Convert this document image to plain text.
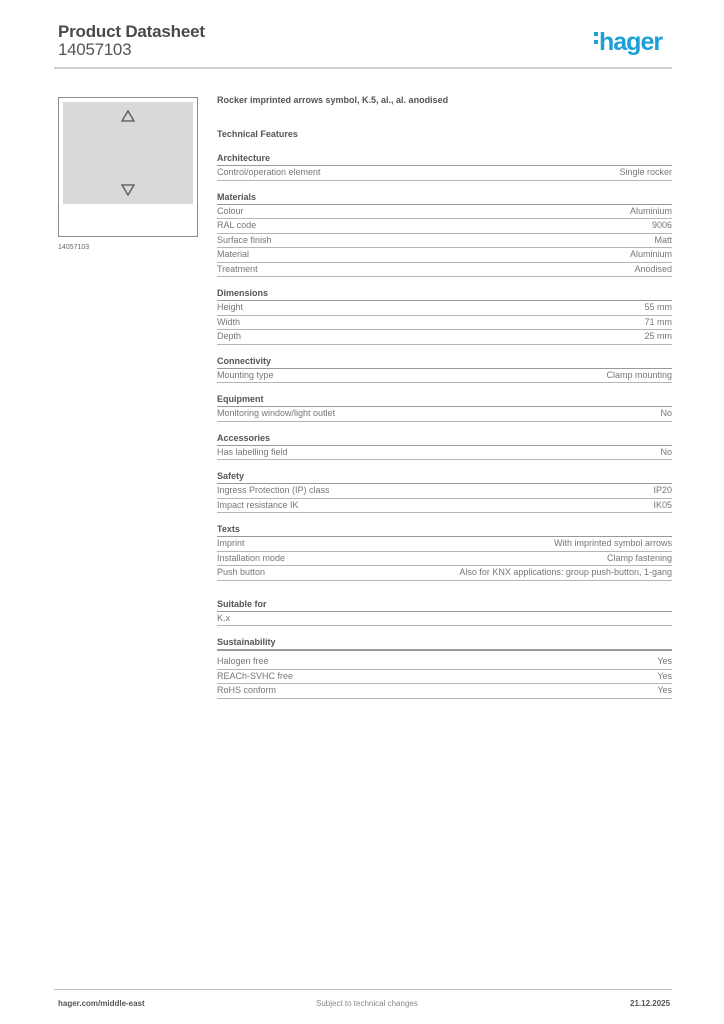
Product Datasheet
14057103	hager
14057103
Rocker imprinted arrows symbol, K.5, al., al. anodised
Technical Features
Architecture
Control/operation element	Single rocker
Materials
Colour	Aluminium
RAL code	9006
Surface finish	Matt
Material	Aluminium
Treatment	Anodised
Dimensions
Height	55 mm
Width	71 mm
Depth	25 mm
Connectivity
Mounting type	Clamp mounting
Equipment
Monitoring window/light outlet	No
Accessories
Has labelling field	No
Safety
Ingress Protection (IP) class	IP20
Impact resistance IK	IK05
Texts
Imprint	With imprinted symbol arrows
Installation mode	Clamp fastening
Push button	Also for KNX applications: group push-button, 1-gang
Suitable for
K.x
Sustainability
Halogen free	Yes
REACh-SVHC free	Yes
RoHS conform	Yes
hager.com/middle-east	Subject to technical changes	21.12.2025
